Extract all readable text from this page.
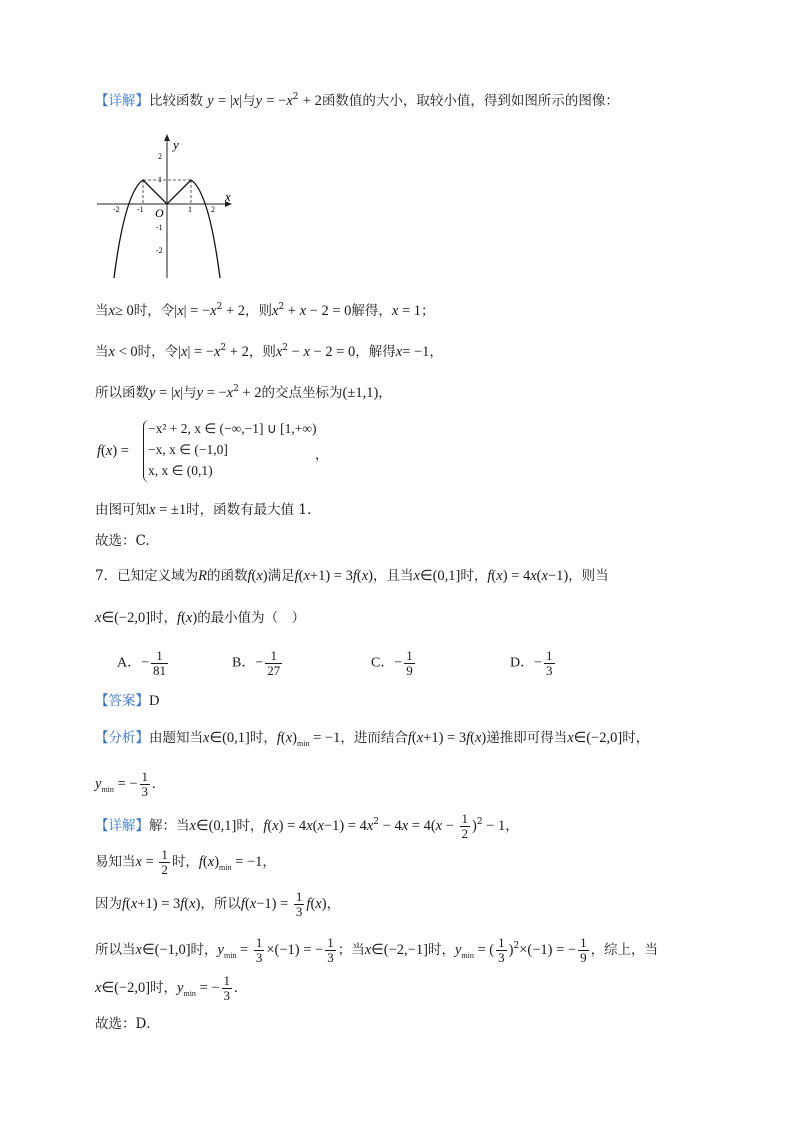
【详解】比较函数 y = |x|与$y = -x^2 + 2$函数值的大小，取较小值，得到如图所示的图像：
y
x
O
-2 -1	1 2
2
1
-1
-2
当x≥ 0时，令$|x| = -x^2 + 2$，则$x^2 + x - 2 = 0$解得，x = 1；
当x < 0时，令$|x| = -x^2 + 2$，则$x^2 - x - 2 = 0$，解得x= −1，
所以函数y = |x|与$y = -x^2 + 2$的交点坐标为(±1,1)，
f(x) =
−x² + 2, x ∈ (−∞,−1] ∪ [1,+∞)
−x, x ∈ (−1,0]
x, x ∈ (0,1)
，
由图可知x = ±1时，函数有最大值 1.
故选：C.
7．已知定义域为R的函数f(x)满足f(x+1) = 3f(x)，且当x∈(0,1]时，f(x) = 4x(x−1)，则当
x∈(−2,0]时，f(x)的最小值为（　）
A．− $\frac{1}{81}$	B．− $\frac{1}{27}$	C．− $\frac{1}{9}$	D．− $\frac{1}{3}$
【答案】D
【分析】由题知当x∈(0,1]时，$f(x)_{min} = -1$，进而结合f(x+1) = 3f(x)递推即可得当x∈(−2,0]时，
$y_{min}$ = − $\frac{1}{3}$ .
【详解】解：当x∈(0,1]时，$f(x) = 4x(x-1) = 4x^2 - 4x = 4(x - \frac{1}{2} )^2 - 1$，
易知当$x = \frac{1}{2}$ 时，$f(x)_{min} = -1$，
因为f(x+1) = 3f(x)，所以$f(x-1) = \frac{1}{3} f(x)$，
所以当x∈(−1,0]时，$y_{min} = \frac{1}{3} \times(-1)$ = − $\frac{1}{3}$ ；当x∈(−2,−1]时，$y_{min}$ = ( $\frac{1}{3} )^2\times(-1)$ = − $\frac{1}{9}$ ，综上，当
x∈(−2,0]时，$y_{min}$ = − $\frac{1}{3}$ .
故选：D．
